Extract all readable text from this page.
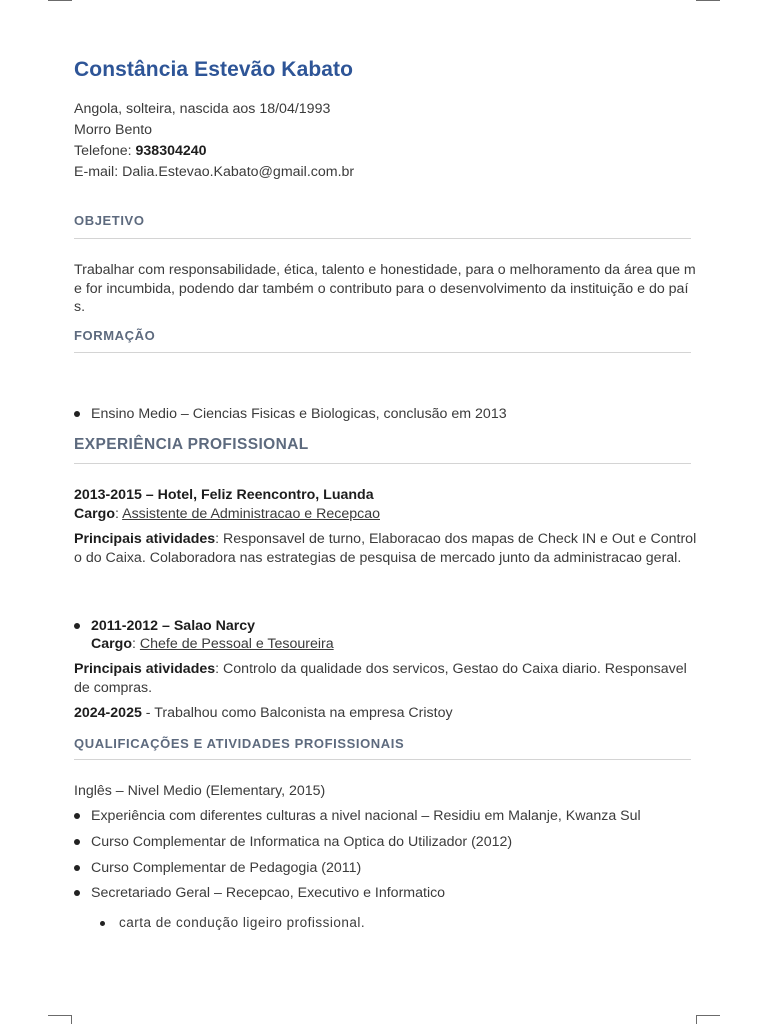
Constância Estevão Kabato
Angola, solteira, nascida aos 18/04/1993
Morro Bento
Telefone: 938304240
E-mail: Dalia.Estevao.Kabato@gmail.com.br
OBJETIVO
Trabalhar com responsabilidade, ética, talento e honestidade, para o melhoramento da área que me for incumbida, podendo dar também o contributo para o desenvolvimento da instituição e do país.
FORMAÇÃO
Ensino Medio – Ciencias Fisicas e Biologicas, conclusão em 2013
EXPERIÊNCIA PROFISSIONAL
2013-2015 – Hotel, Feliz Reencontro, Luanda
Cargo: Assistente de Administracao e Recepcao
Principais atividades: Responsavel de turno, Elaboracao dos mapas de Check IN e Out e Controlo do Caixa. Colaboradora nas estrategias de pesquisa de mercado junto da administracao geral.
2011-2012 – Salao Narcy
Cargo: Chefe de Pessoal e Tesoureira
Principais atividades: Controlo da qualidade dos servicos, Gestao do Caixa diario. Responsavel de compras.
2024-2025 - Trabalhou como Balconista na empresa Cristoy
QUALIFICAÇÕES E ATIVIDADES PROFISSIONAIS
Inglês – Nivel Medio (Elementary, 2015)
Experiência com diferentes culturas a nivel nacional – Residiu em Malanje, Kwanza Sul
Curso Complementar de Informatica na Optica do Utilizador (2012)
Curso Complementar de Pedagogia (2011)
Secretariado Geral – Recepcao, Executivo e Informatico
carta de condução ligeiro profissional.
